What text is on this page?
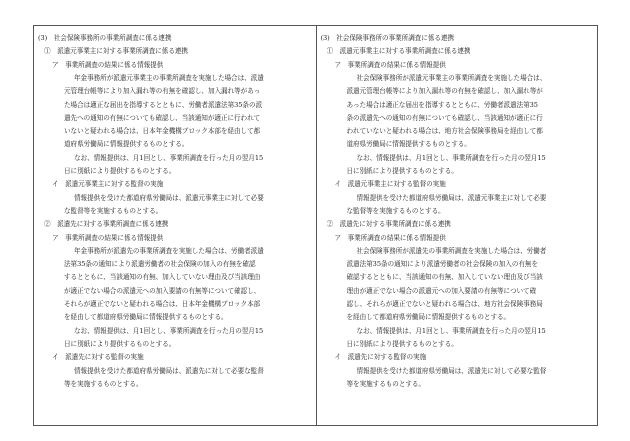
(3)　社会保険事務所の事業所調査に係る連携
①　派遣元事業主に対する事業所調査に係る連携
ア　事業所調査の結果に係る情報提供
年金事務所が派遣元事業主の事業所調査を実施した場合は、派遣
元管理台帳等により加入漏れ等の有無を確認し、加入漏れ等があっ
た場合は適正な届出を指導するとともに、労働者派遣法第35条の派
遣先への通知の有無についても確認し、当該通知が適正に行われて
いないと疑われる場合は、日本年金機構ブロック本部を経由して都
道府県労働局に情報提供するものとする。
なお、情報提供は、月1回とし、事業所調査を行った月の翌月15
日に別紙により提供するものとする。
イ　派遣元事業主に対する監督の実施
情報提供を受けた都道府県労働局は、派遣元事業主に対して必要
な監督等を実施するものとする。
②　派遣先に対する事業所調査に係る連携
ア　事業所調査の結果に係る情報提供
年金事務所が派遣先の事業所調査を実施した場合は、労働者派遣
法第35条の通知により派遣労働者の社会保険の加入の有無を確認
するとともに、当該通知の有無、加入していない理由及び当該理由
が適正でない場合の派遣元への加入要請の有無等について確認し、
それらが適正でないと疑われる場合は、日本年金機構ブロック本部
を経由して都道府県労働局に情報提供するものとする。
なお、情報提供は、月1回とし、事業所調査を行った月の翌月15
日に別紙により提供するものとする。
イ　派遣先に対する監督の実施
情報提供を受けた都道府県労働局は、派遣先に対して必要な監督
等を実施するものとする。
(3)　社会保険事務所の事業所調査に係る連携
①　派遣元事業主に対する事業所調査に係る連携
ア　事業所調査の結果に係る情報提供
社会保険事務所が派遣元事業主の事業所調査を実施した場合は、
派遣元管理台帳等により加入漏れ等の有無を確認し、加入漏れ等が
あった場合は適正な届出を指導するとともに、労働者派遣法第35
条の派遣先への通知の有無についても確認し、当該通知が適正に行
われていないと疑われる場合は、地方社会保険事務局を経由して都
道府県労働局に情報提供するものとする。
なお、情報提供は、月1回とし、事業所調査を行った月の翌月15
日に別紙により提供するものとする。
イ　派遣元事業主に対する監督の実施
情報提供を受けた都道府県労働局は、派遣元事業主に対して必要
な監督等を実施するものとする。
②　派遣先に対する事業所調査に係る連携
ア　事業所調査の結果に係る情報提供
社会保険事務所が派遣先の事業所調査を実施した場合は、労働者
派遣法第35条の通知により派遣労働者の社会保険の加入の有無を
確認するとともに、当該通知の有無、加入していない理由及び当該
理由が適正でない場合の派遣元への加入要請の有無等について確
認し、それらが適正でないと疑われる場合は、地方社会保険事務局
を経由して都道府県労働局に情報提供するものとする。
なお、情報提供は、月1回とし、事業所調査を行った月の翌月15
日に別紙により提供するものとする。
イ　派遣先に対する監督の実施
情報提供を受けた都道府県労働局は、派遣先に対して必要な監督
等を実施するものとする。
